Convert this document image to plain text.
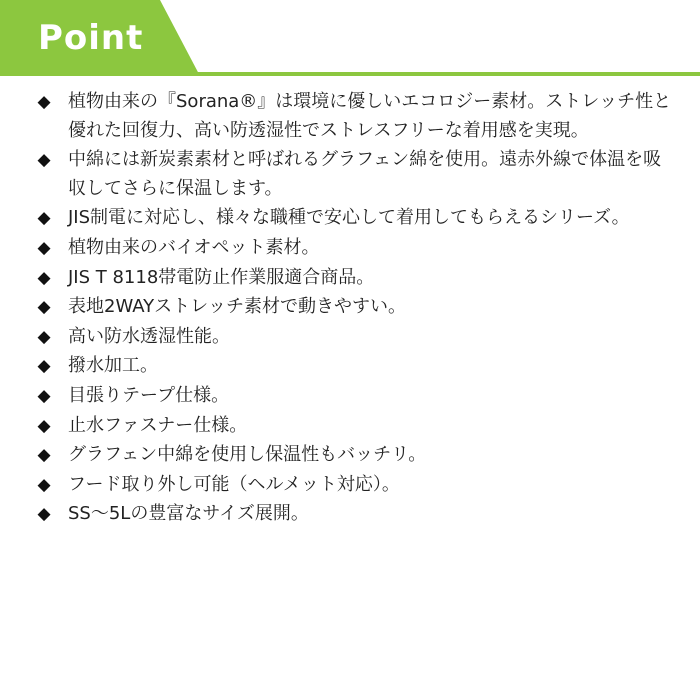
Point
◆ 植物由来の『Sorana®』は環境に優しいエコロジー素材。ストレッチ性と優れた回復力、高い防透湿性でストレスフリーな着用感を実現。
◆ 中綿には新炭素素材と呼ばれるグラフェン綿を使用。遠赤外線で体温を吸収してさらに保温します。
◆ JIS制電に対応し、様々な職種で安心して着用してもらえるシリーズ。
◆ 植物由来のバイオペット素材。
◆ JIS T 8118帯電防止作業服適合商品。
◆ 表地2WAYストレッチ素材で動きやすい。
◆ 高い防水透湿性能。
◆ 撥水加工。
◆ 目張りテープ仕様。
◆ 止水ファスナー仕様。
◆ グラフェン中綿を使用し保温性もバッチリ。
◆ フード取り外し可能（ヘルメット対応）。
◆ SS～5Lの豊富なサイズ展開。
